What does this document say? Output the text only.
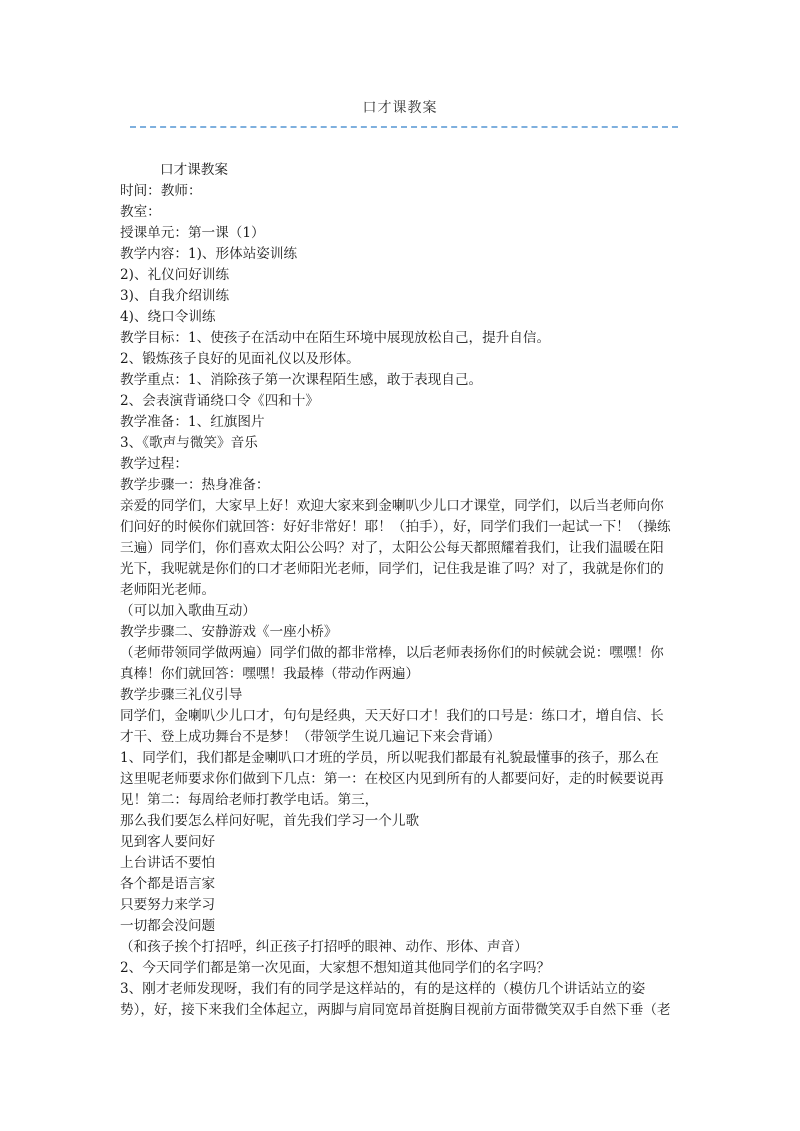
口才课教案

口才课教案

时间：教师：

教室：

授课单元：第一课（1）

教学内容：1)、形体站姿训练

2)、礼仪问好训练

3)、自我介绍训练

4)、绕口令训练

教学目标：1、使孩子在活动中在陌生环境中展现放松自己，提升自信。

2、锻炼孩子良好的见面礼仪以及形体。

教学重点：1、消除孩子第一次课程陌生感，敢于表现自己。

2、会表演背诵绕口令《四和十》

教学准备：1、红旗图片

3、《歌声与微笑》音乐

教学过程：

教学步骤一：热身准备：

亲爱的同学们，大家早上好！欢迎大家来到金喇叭少儿口才课堂，同学们，以后当老师向你

们问好的时候你们就回答：好好非常好！耶！（拍手），好，同学们我们一起试一下！（操练

三遍）同学们，你们喜欢太阳公公吗？对了，太阳公公每天都照耀着我们，让我们温暖在阳

光下，我呢就是你们的口才老师阳光老师，同学们，记住我是谁了吗？对了，我就是你们的

老师阳光老师。

（可以加入歌曲互动）

教学步骤二、安静游戏《一座小桥》

（老师带领同学做两遍）同学们做的都非常棒，以后老师表扬你们的时候就会说：嘿嘿！你

真棒！你们就回答：嘿嘿！我最棒（带动作两遍）

教学步骤三礼仪引导

同学们，金喇叭少儿口才，句句是经典，天天好口才！我们的口号是：练口才，增自信、长

才干、登上成功舞台不是梦！（带领学生说几遍记下来会背诵）

1、同学们，我们都是金喇叭口才班的学员，所以呢我们都最有礼貌最懂事的孩子，那么在

这里呢老师要求你们做到下几点：第一：在校区内见到所有的人都要问好，走的时候要说再

见！第二：每周给老师打教学电话。第三，

那么我们要怎么样问好呢，首先我们学习一个儿歌

见到客人要问好

上台讲话不要怕

各个都是语言家

只要努力来学习

一切都会没问题

（和孩子挨个打招呼，纠正孩子打招呼的眼神、动作、形体、声音）

2、今天同学们都是第一次见面，大家想不想知道其他同学们的名字吗？

3、刚才老师发现呀，我们有的同学是这样站的，有的是这样的（模仿几个讲话站立的姿

势），好，接下来我们全体起立，两脚与肩同宽昂首挺胸目视前方面带微笑双手自然下垂（老
